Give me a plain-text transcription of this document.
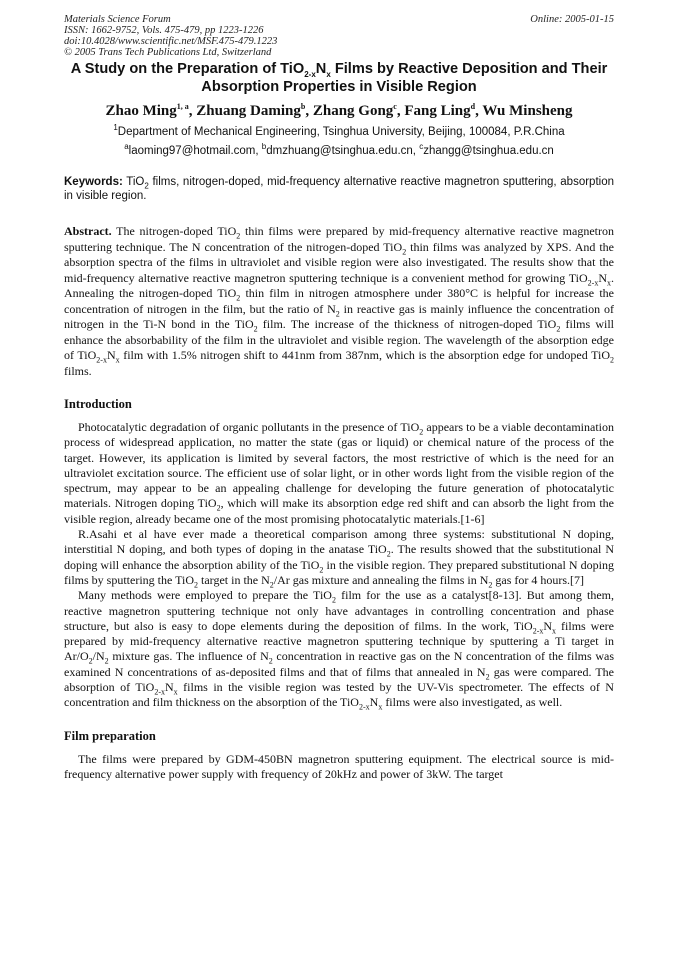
Materials Science Forum	Online: 2005-01-15
ISSN: 1662-9752, Vols. 475-479, pp 1223-1226
doi:10.4028/www.scientific.net/MSF.475-479.1223
© 2005 Trans Tech Publications Ltd, Switzerland
A Study on the Preparation of $TiO_{2-x}N_x$ Films by Reactive Deposition and Their Absorption Properties in Visible Region
Zhao Ming$^{1, a}$, Zhuang Daming$^b$, Zhang Gong$^c$, Fang Ling$^d$, Wu Minsheng
$^1$Department of Mechanical Engineering, Tsinghua University, Beijing, 100084, P.R.China
$^a$laoming97@hotmail.com, $^b$dmzhuang@tsinghua.edu.cn, $^c$zhangg@tsinghua.edu.cn
Keywords: TiO$_2$ films, nitrogen-doped, mid-frequency alternative reactive magnetron sputtering, absorption in visible region.
Abstract. The nitrogen-doped TiO$_2$ thin films were prepared by mid-frequency alternative reactive magnetron sputtering technique. The N concentration of the nitrogen-doped TiO$_2$ thin films was analyzed by XPS. And the absorption spectra of the films in ultraviolet and visible region were also investigated. The results show that the mid-frequency alternative reactive magnetron sputtering technique is a convenient method for growing $TiO_{2-x}N_x$. Annealing the nitrogen-doped TiO$_2$ thin film in nitrogen atmosphere under 380°C is helpful for increase the concentration of nitrogen in the film, but the ratio of $N_2$ in reactive gas is mainly influence the concentration of nitrogen in the Ti-N bond in the TiO$_2$ film. The increase of the thickness of nitrogen-doped TiO$_2$ films will enhance the absorbability of the film in the ultraviolet and visible region. The wavelength of the absorption edge of $TiO_{2-x}N_x$ film with 1.5% nitrogen shift to 441nm from 387nm, which is the absorption edge for undoped TiO$_2$ films.
Introduction

Photocatalytic degradation of organic pollutants in the presence of TiO$_2$ appears to be a viable decontamination process of widespread application, no matter the state (gas or liquid) or chemical nature of the process of the target. However, its application is limited by several factors, the most restrictive of which is the need for an ultraviolet excitation source. The efficient use of solar light, or in other words light from the visible region of the spectrum, may appear to be an appealing challenge for developing the future generation of photocatalytic materials. Nitrogen doping TiO$_2$, which will make its absorption edge red shift and can absorb the light from the visible region, already became one of the most promising photocatalytic materials.[1-6]

R.Asahi et al have ever made a theoretical comparison among three systems: substitutional N doping, interstitial N doping, and both types of doping in the anatase TiO$_2$. The results showed that the substitutional N doping will enhance the absorption ability of the TiO$_2$ in the visible region. They prepared substitutional N doping films by sputtering the TiO$_2$ target in the $N_2/Ar$ gas mixture and annealing the films in $N_2$ gas for 4 hours.[7]

Many methods were employed to prepare the TiO$_2$ film for the use as a catalyst[8-13]. But among them, reactive magnetron sputtering technique not only have advantages in controlling concentration and phase structure, but also is easy to dope elements during the deposition of films. In the work, $TiO_{2-x}N_x$ films were prepared by mid-frequency alternative reactive magnetron sputtering technique by sputtering a Ti target in $Ar/O_2/N_2$ mixture gas. The influence of $N_2$ concentration in reactive gas on the N concentration of the films was examined N concentrations of as-deposited films and that of films that annealed in $N_2$ gas were compared. The absorption of $TiO_{2-x}N_x$ films in the visible region was tested by the UV-Vis spectrometer. The effects of N concentration and film thickness on the absorption of the $TiO_{2-x}N_x$ films were also investigated, as well.

Film preparation

The films were prepared by GDM-450BN magnetron sputtering equipment. The electrical source is mid-frequency alternative power supply with frequency of 20kHz and power of 3kW. The target
